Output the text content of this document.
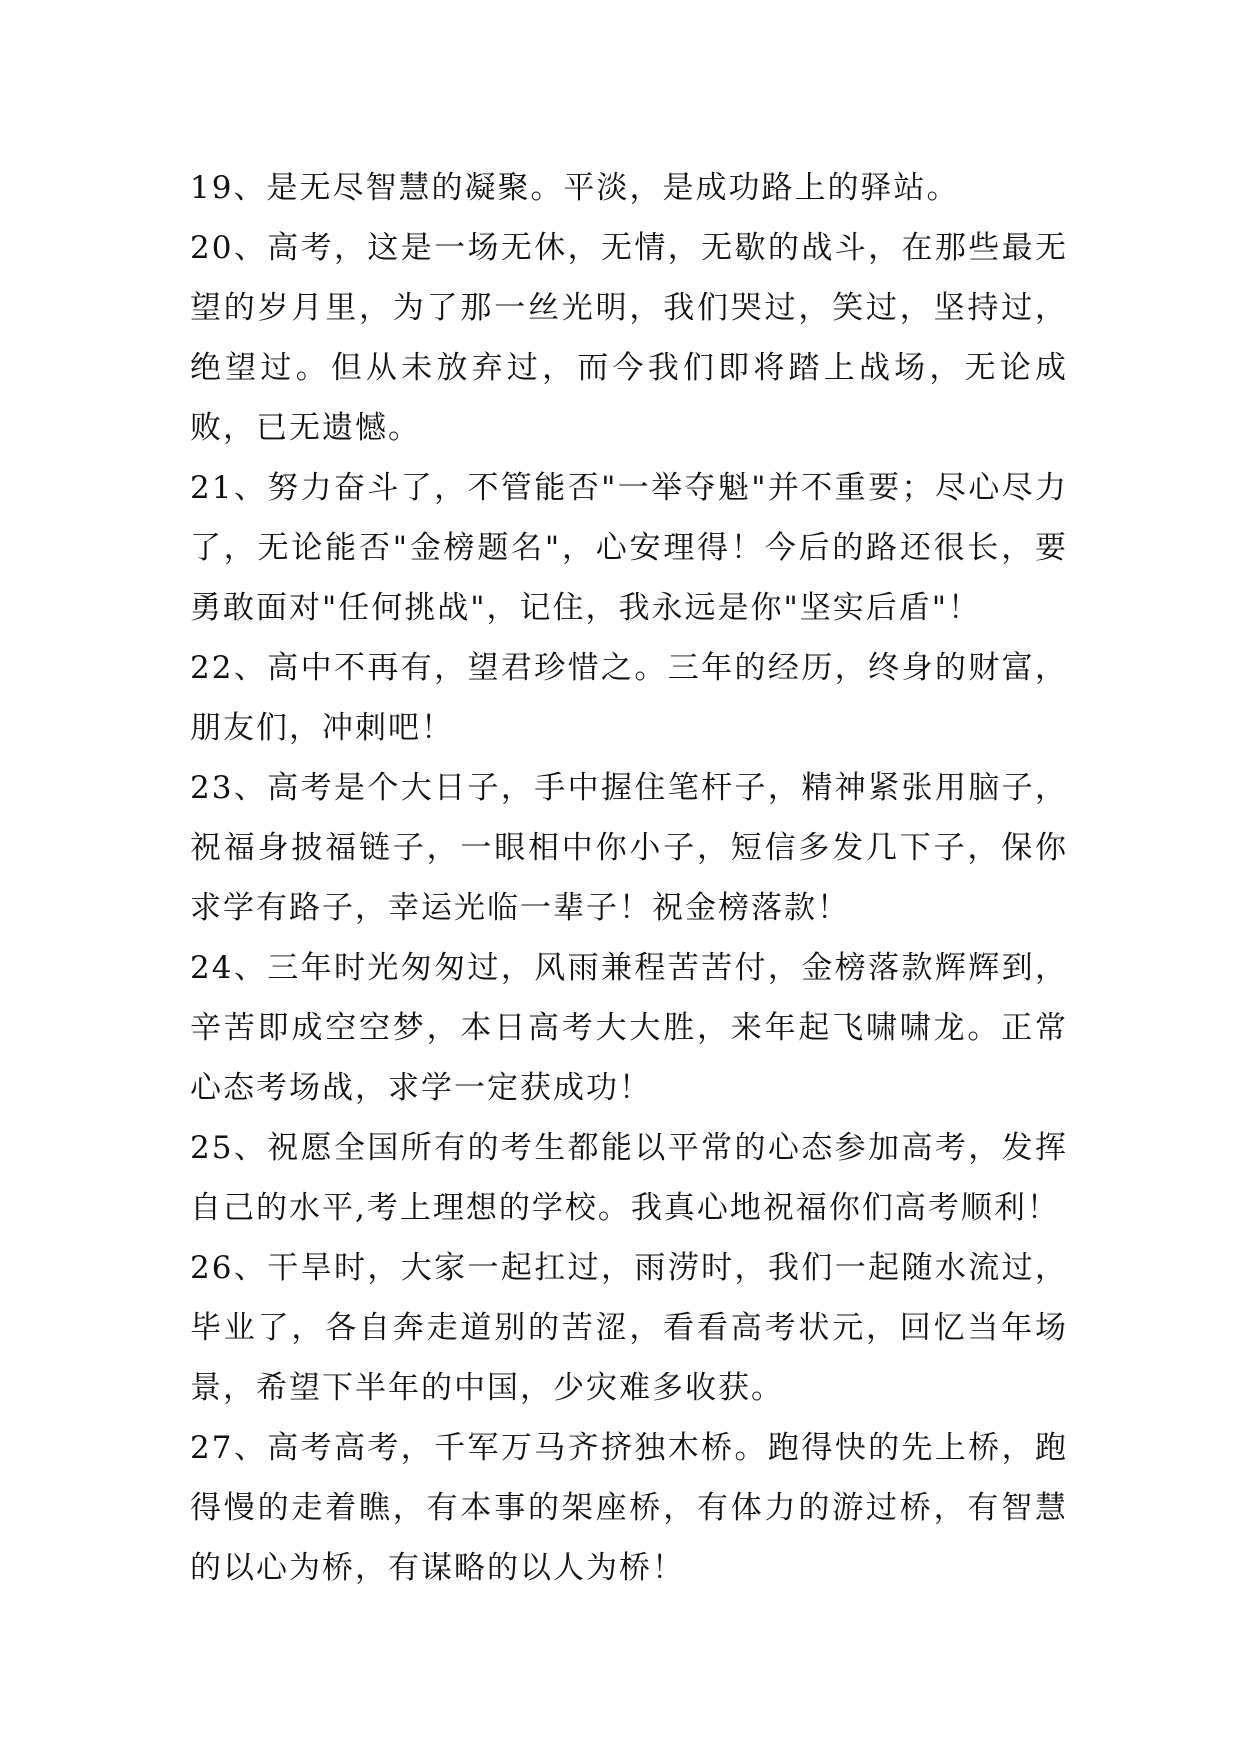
19、是无尽智慧的凝聚。平淡，是成功路上的驿站。

20、高考，这是一场无休，无情，无歇的战斗，在那些最无望的岁月里，为了那一丝光明，我们哭过，笑过，坚持过，绝望过。但从未放弃过，而今我们即将踏上战场，无论成败，已无遗憾。

21、努力奋斗了，不管能否"一举夺魁"并不重要；尽心尽力了，无论能否"金榜题名"，心安理得！今后的路还很长，要勇敢面对"任何挑战"，记住，我永远是你"坚实后盾"！

22、高中不再有，望君珍惜之。三年的经历，终身的财富，朋友们，冲刺吧！

23、高考是个大日子，手中握住笔杆子，精神紧张用脑子，祝福身披福链子，一眼相中你小子，短信多发几下子，保你求学有路子，幸运光临一辈子！祝金榜落款！

24、三年时光匆匆过，风雨兼程苦苦付，金榜落款辉辉到，辛苦即成空空梦，本日高考大大胜，来年起飞啸啸龙。正常心态考场战，求学一定获成功！

25、祝愿全国所有的考生都能以平常的心态参加高考，发挥自己的水平,考上理想的学校。我真心地祝福你们高考顺利！

26、干旱时，大家一起扛过，雨涝时，我们一起随水流过，毕业了，各自奔走道别的苦涩，看看高考状元，回忆当年场景，希望下半年的中国，少灾难多收获。

27、高考高考，千军万马齐挤独木桥。跑得快的先上桥，跑得慢的走着瞧，有本事的架座桥，有体力的游过桥，有智慧的以心为桥，有谋略的以人为桥！
